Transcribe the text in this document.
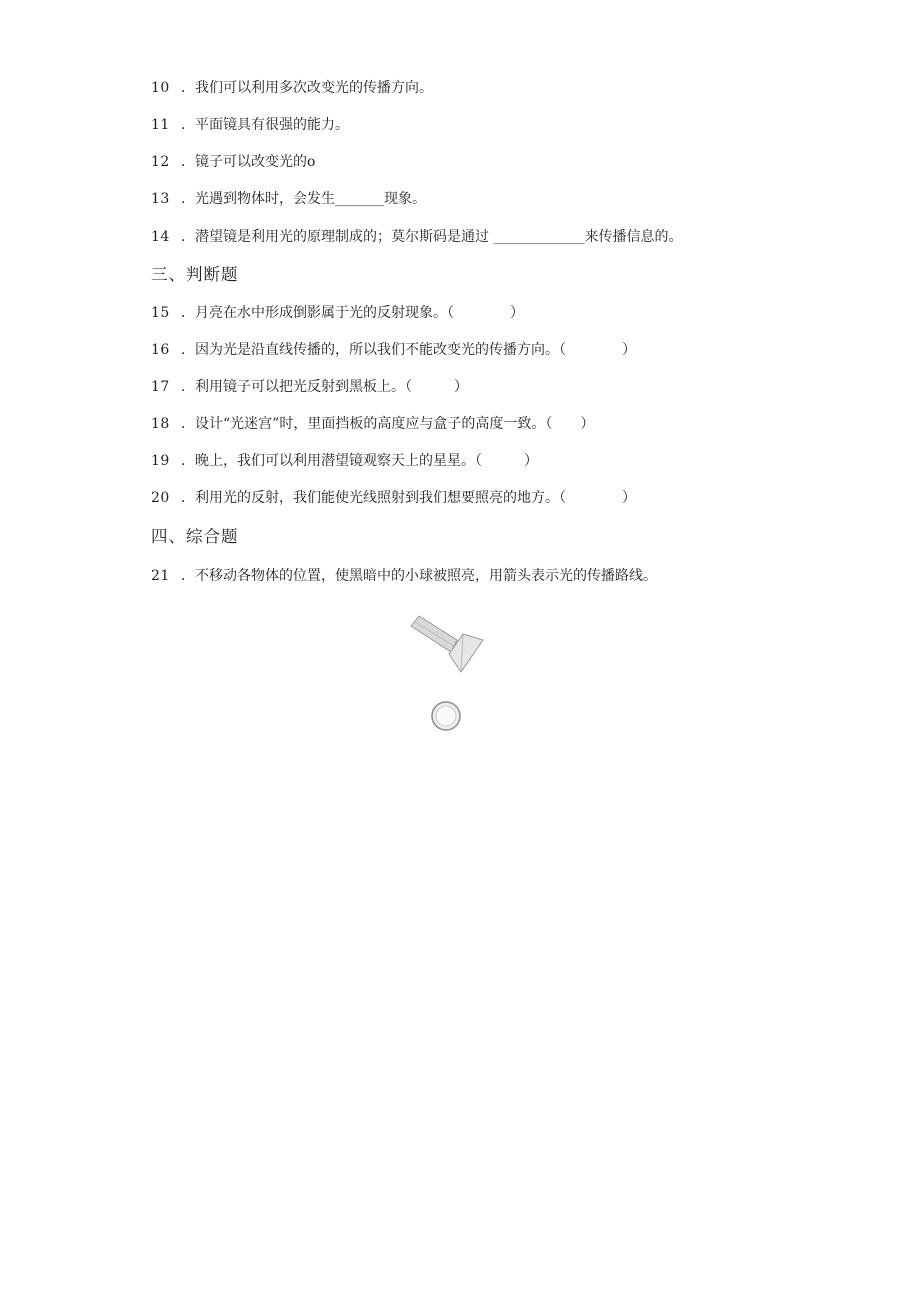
10 ．我们可以利用多次改变光的传播方向。
11 ．平面镜具有很强的能力。
12 ．镜子可以改变光的o
13 ．光遇到物体时，会发生_______现象。
14 ．潜望镜是利用光的原理制成的；莫尔斯码是通过 _____________来传播信息的。
三、判断题
15 ．月亮在水中形成倒影属于光的反射现象。（　　　　）
16 ．因为光是沿直线传播的，所以我们不能改变光的传播方向。（　　　　）
17 ．利用镜子可以把光反射到黑板上。（　　　）
18 ．设计“光迷宫”时，里面挡板的高度应与盒子的高度一致。（　　）
19 ．晚上，我们可以利用潜望镜观察天上的星星。（　　　）
20 ．利用光的反射，我们能使光线照射到我们想要照亮的地方。（　　　　）
四、综合题
21 ．不移动各物体的位置，使黑暗中的小球被照亮，用箭头表示光的传播路线。
